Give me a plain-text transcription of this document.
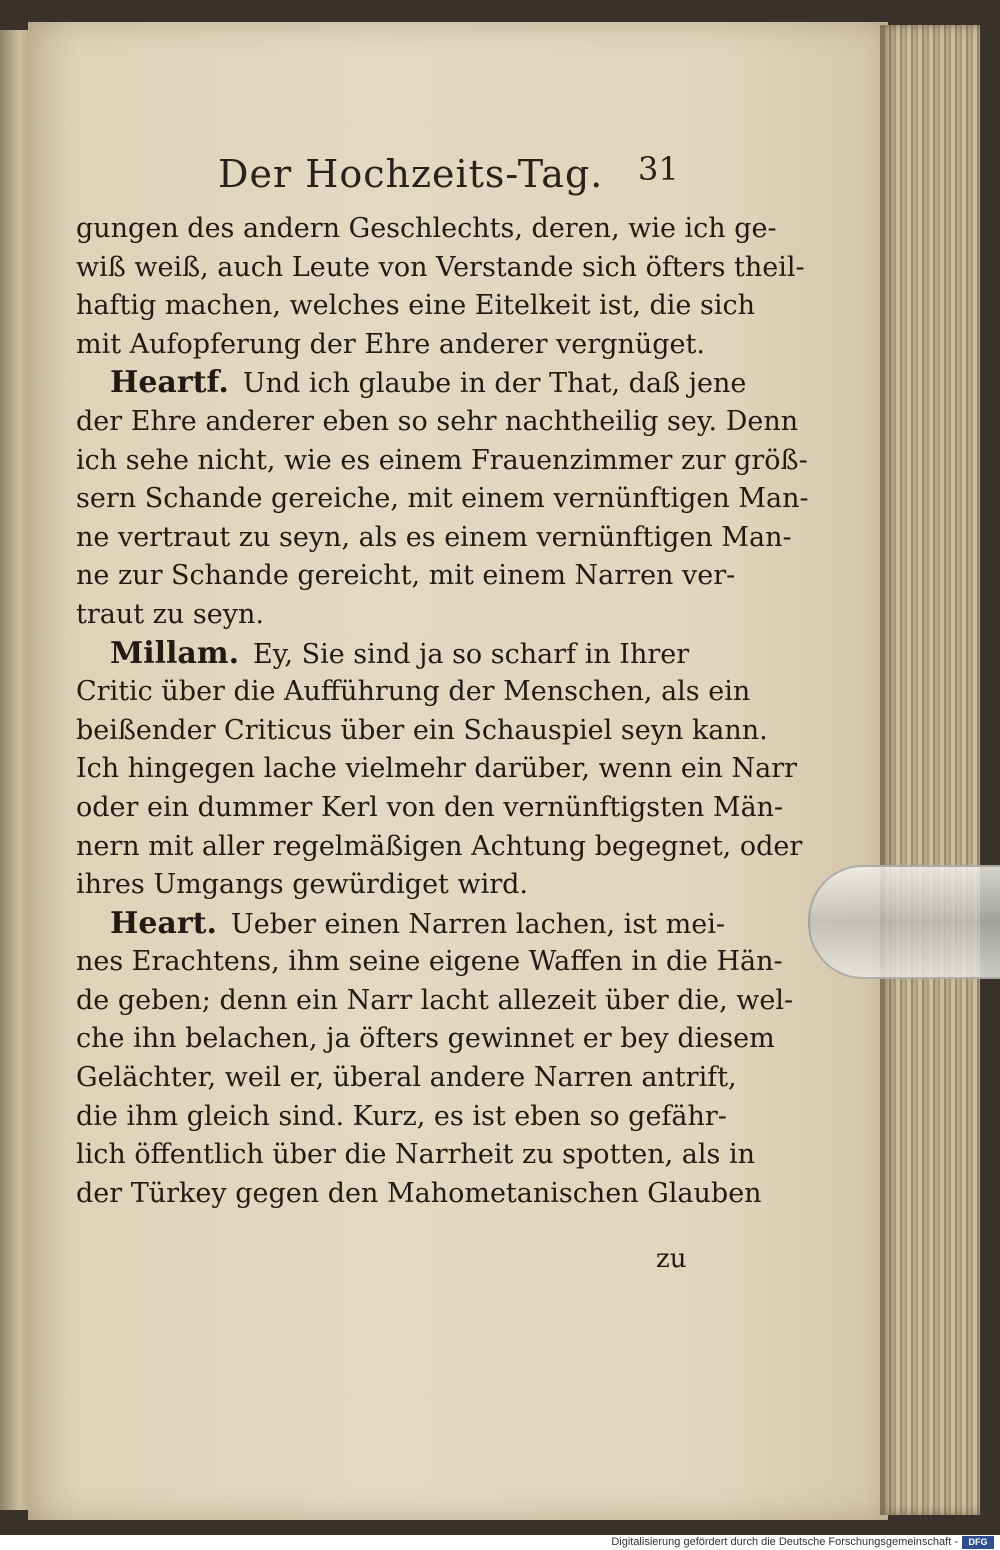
Der Hochzeits-Tag. 31
gungen des andern Geschlechts, deren, wie ich ge-
wiß weiß, auch Leute von Verstande sich öfters theil-
haftig machen, welches eine Eitelkeit ist, die sich
mit Aufopferung der Ehre anderer vergnüget.
Heartf. Und ich glaube in der That, daß jene
der Ehre anderer eben so sehr nachtheilig sey. Denn
ich sehe nicht, wie es einem Frauenzimmer zur größ-
sern Schande gereiche, mit einem vernünftigen Man-
ne vertraut zu seyn, als es einem vernünftigen Man-
ne zur Schande gereicht, mit einem Narren ver-
traut zu seyn.
Millam. Ey, Sie sind ja so scharf in Ihrer
Critic über die Aufführung der Menschen, als ein
beißender Criticus über ein Schauspiel seyn kann.
Ich hingegen lache vielmehr darüber, wenn ein Narr
oder ein dummer Kerl von den vernünftigsten Män-
nern mit aller regelmäßigen Achtung begegnet, oder
ihres Umgangs gewürdiget wird.
Heart. Ueber einen Narren lachen, ist mei-
nes Erachtens, ihm seine eigene Waffen in die Hän-
de geben; denn ein Narr lacht allezeit über die, wel-
che ihn belachen, ja öfters gewinnet er bey diesem
Gelächter, weil er, überal andere Narren antrift,
die ihm gleich sind. Kurz, es ist eben so gefähr-
lich öffentlich über die Narrheit zu spotten, als in
der Türkey gegen den Mahometanischen Glauben
zu
Digitalisierung gefördert durch die Deutsche Forschungsgemeinschaft -	DFG
